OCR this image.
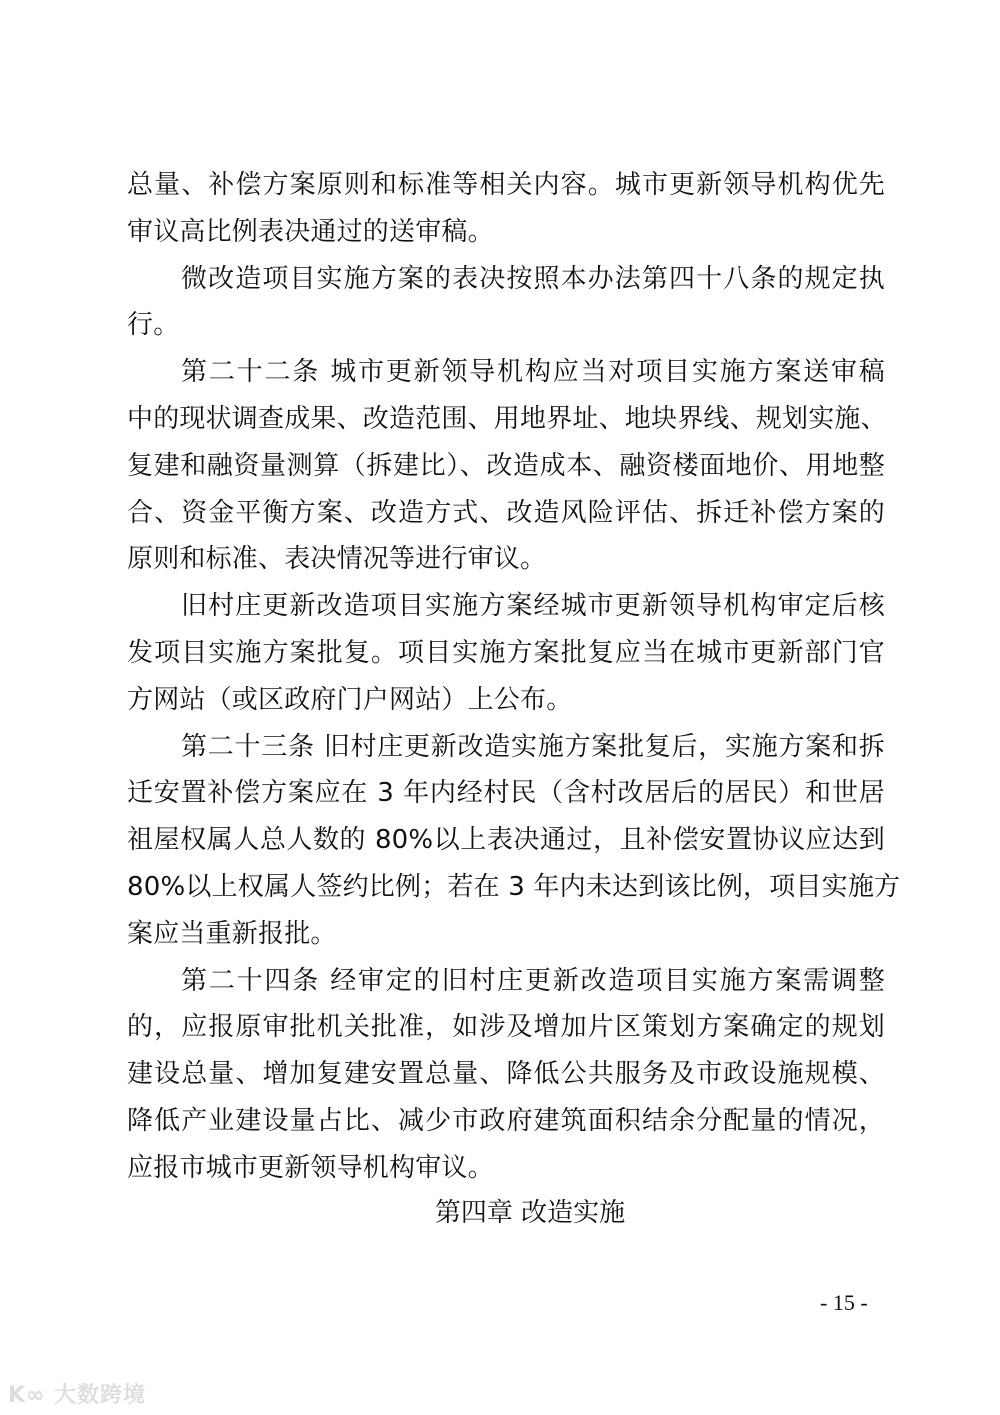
总量、补偿方案原则和标准等相关内容。城市更新领导机构优先
审议高比例表决通过的送审稿。
微改造项目实施方案的表决按照本办法第四十八条的规定执
行。
第二十二条 城市更新领导机构应当对项目实施方案送审稿
中的现状调查成果、改造范围、用地界址、地块界线、规划实施、
复建和融资量测算（拆建比）、改造成本、融资楼面地价、用地整
合、资金平衡方案、改造方式、改造风险评估、拆迁补偿方案的
原则和标准、表决情况等进行审议。
旧村庄更新改造项目实施方案经城市更新领导机构审定后核
发项目实施方案批复。项目实施方案批复应当在城市更新部门官
方网站（或区政府门户网站）上公布。
第二十三条 旧村庄更新改造实施方案批复后，实施方案和拆
迁安置补偿方案应在 3 年内经村民（含村改居后的居民）和世居
祖屋权属人总人数的 80%以上表决通过，且补偿安置协议应达到
80%以上权属人签约比例；若在 3 年内未达到该比例，项目实施方
案应当重新报批。
第二十四条 经审定的旧村庄更新改造项目实施方案需调整
的，应报原审批机关批准，如涉及增加片区策划方案确定的规划
建设总量、增加复建安置总量、降低公共服务及市政设施规模、
降低产业建设量占比、减少市政府建筑面积结余分配量的情况，
应报市城市更新领导机构审议。
第四章 改造实施
- 15 -
K∞ 大数跨境
